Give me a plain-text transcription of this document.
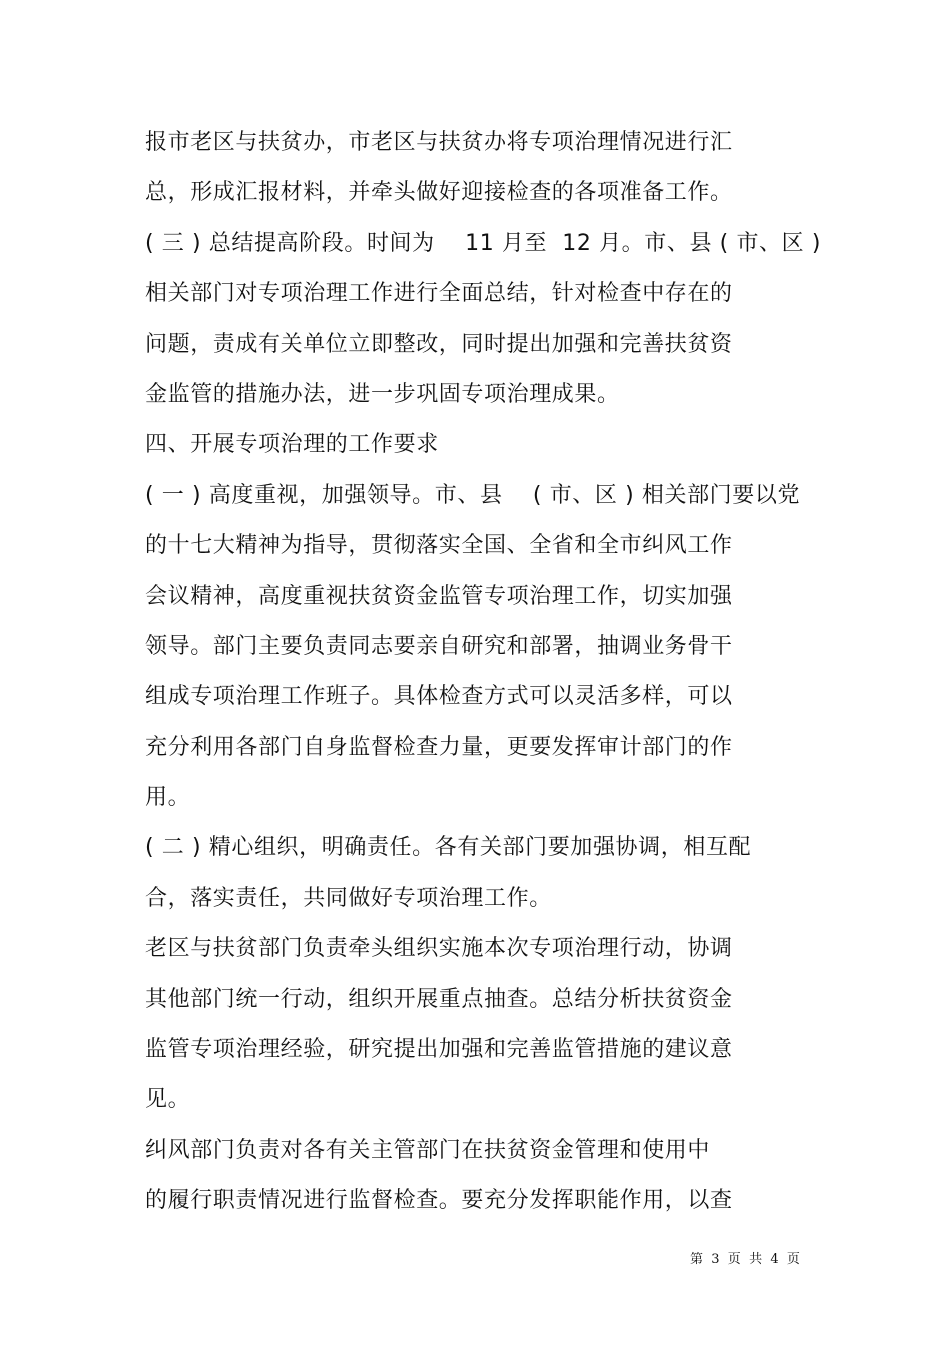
报市老区与扶贫办，市老区与扶贫办将专项治理情况进行汇
总，形成汇报材料，并牵头做好迎接检查的各项准备工作。
( 三 ) 总结提高阶段。时间为    11 月至  12 月。市、县 ( 市、区 )
相关部门对专项治理工作进行全面总结，针对检查中存在的
问题，责成有关单位立即整改，同时提出加强和完善扶贫资
金监管的措施办法，进一步巩固专项治理成果。
四、开展专项治理的工作要求
( 一 ) 高度重视，加强领导。市、县    ( 市、区 ) 相关部门要以党
的十七大精神为指导，贯彻落实全国、全省和全市纠风工作
会议精神，高度重视扶贫资金监管专项治理工作，切实加强
领导。部门主要负责同志要亲自研究和部署，抽调业务骨干
组成专项治理工作班子。具体检查方式可以灵活多样，可以
充分利用各部门自身监督检查力量，更要发挥审计部门的作
用。
( 二 ) 精心组织，明确责任。各有关部门要加强协调，相互配
合，落实责任，共同做好专项治理工作。
老区与扶贫部门负责牵头组织实施本次专项治理行动，协调
其他部门统一行动，组织开展重点抽查。总结分析扶贫资金
监管专项治理经验，研究提出加强和完善监管措施的建议意
见。
纠风部门负责对各有关主管部门在扶贫资金管理和使用中
的履行职责情况进行监督检查。要充分发挥职能作用，以查
第  3  页  共  4  页
